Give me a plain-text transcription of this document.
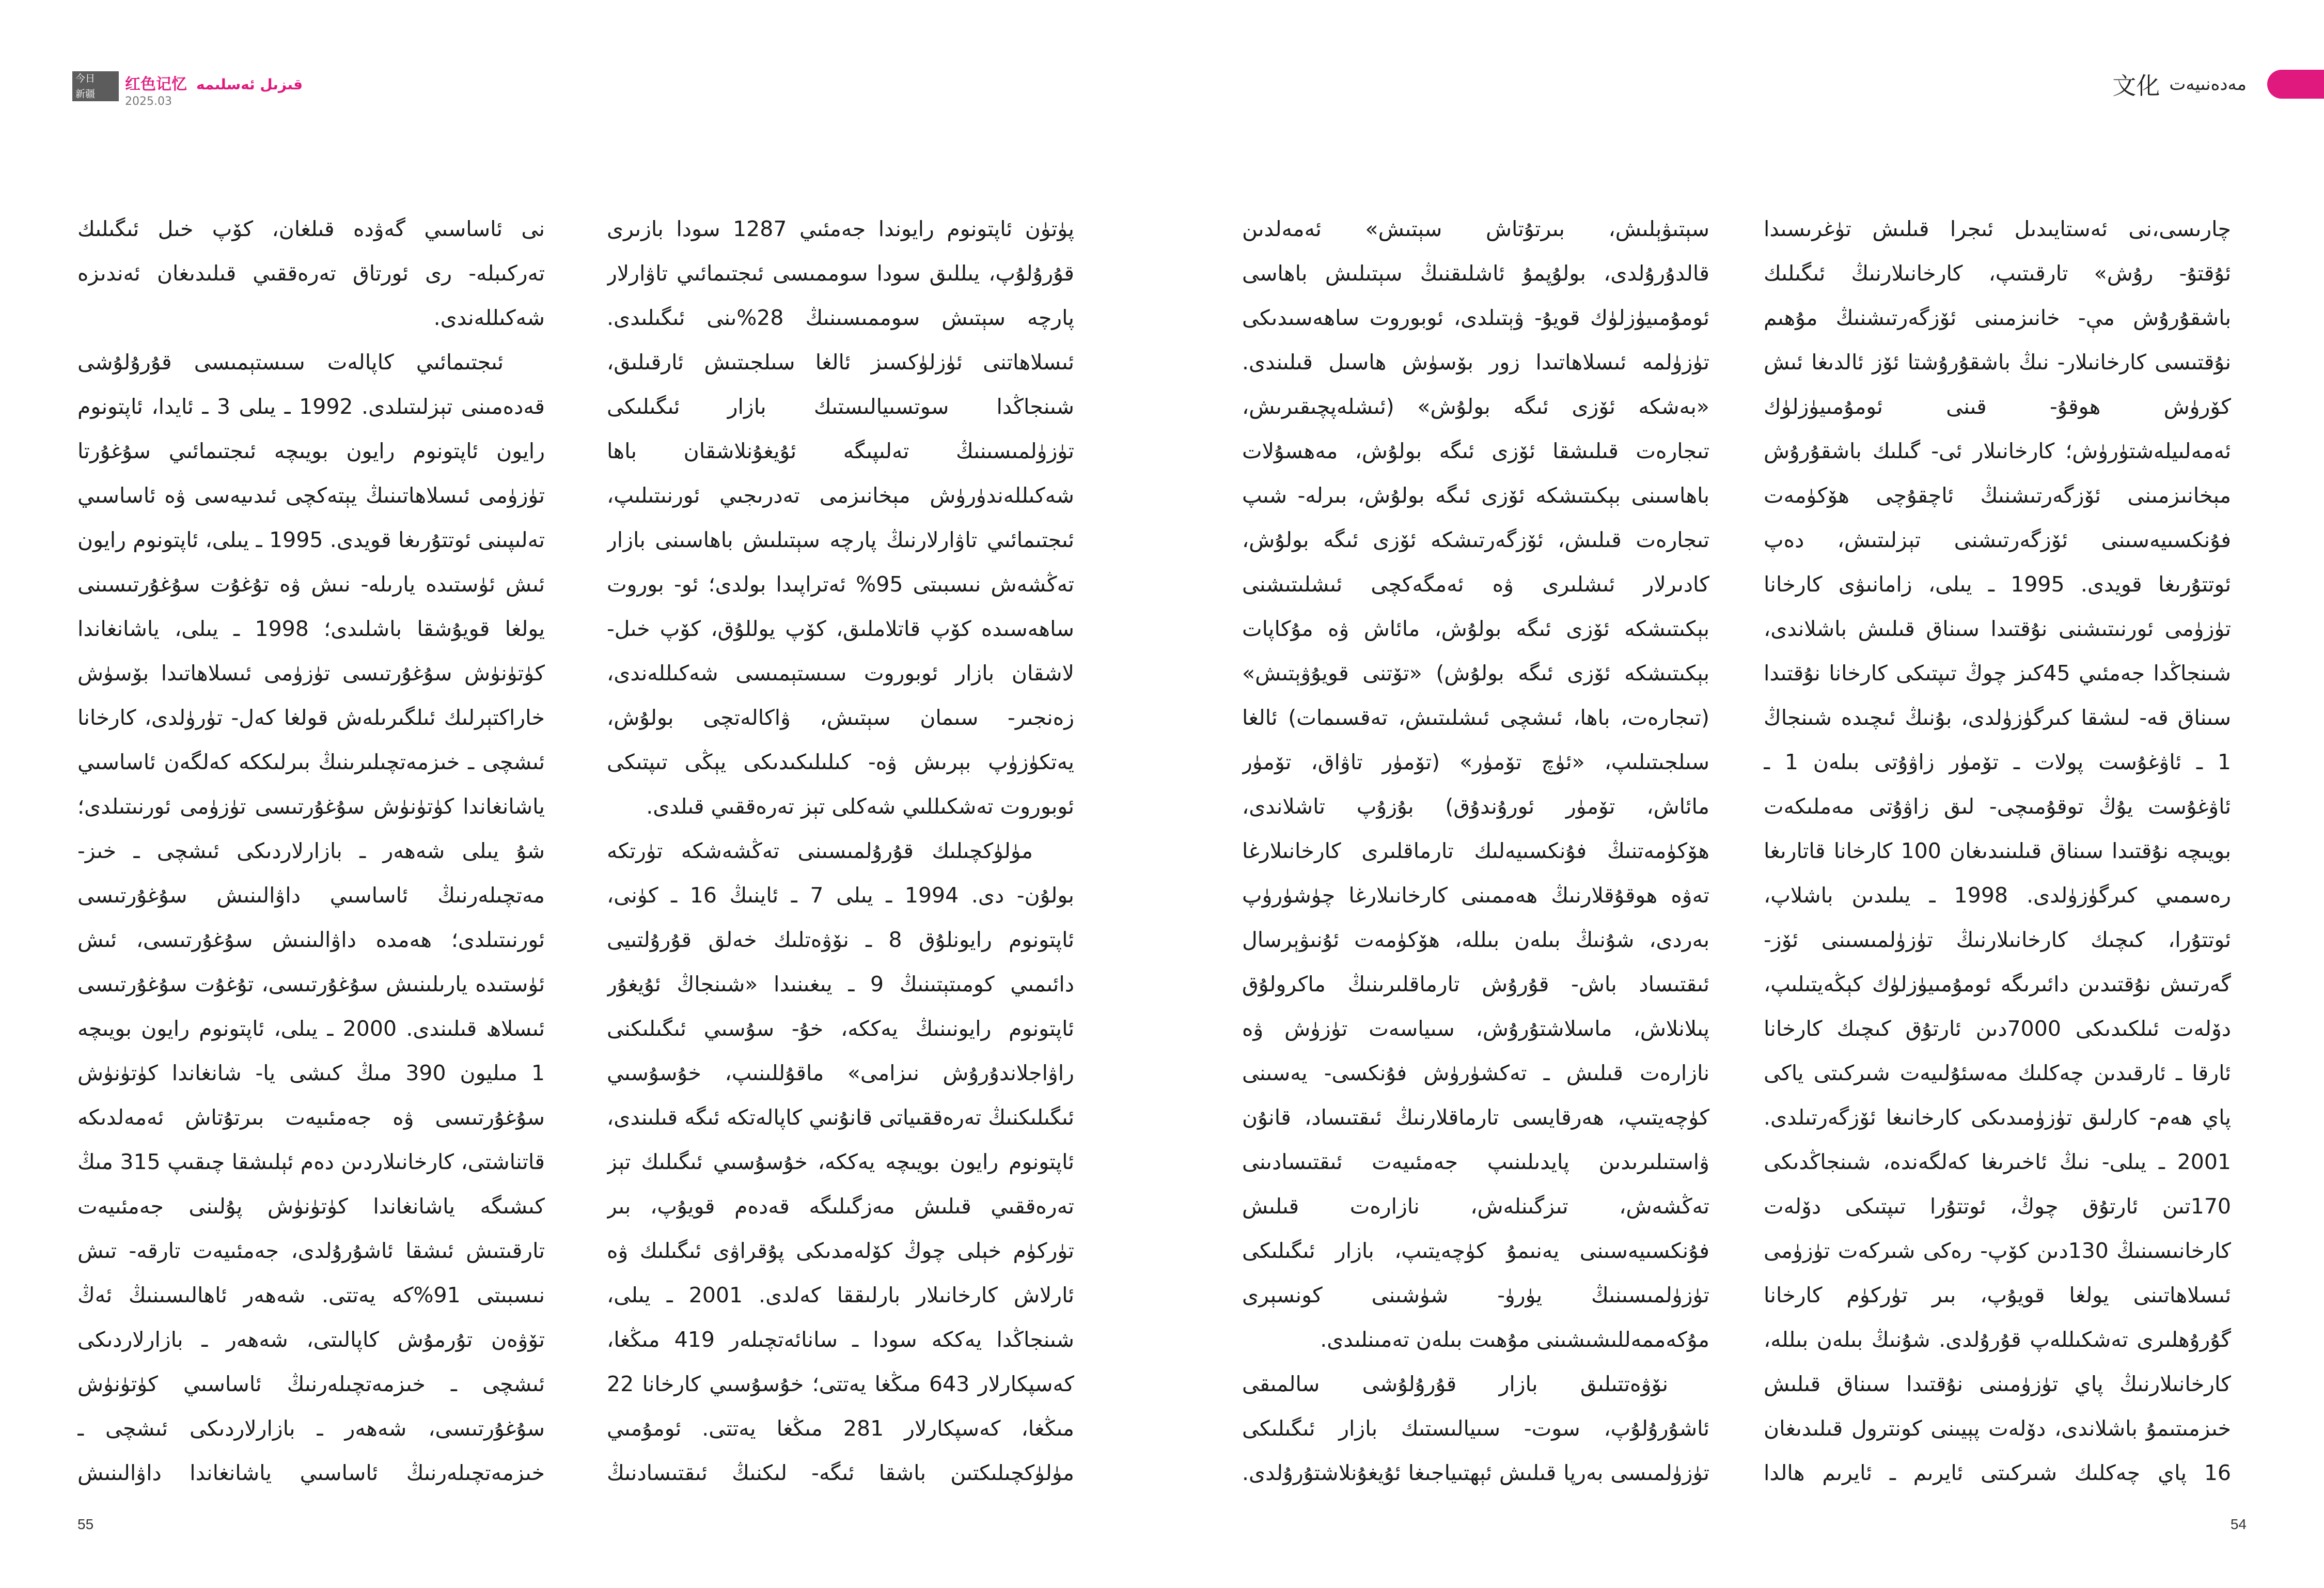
今日
新疆
红色记忆 قىزىل ئەسلىمە
2025.03

پۈتۈن ئاپتونوم رايوندا جەمئىي 1287 سودا بازىرى قۇرۇلۇپ، يىللىق سودا سوممىسى ئىجتىمائىي تاۋارلار پارچە سېتىش سوممىسىنىڭ 28%ىنى ئىگىلىدى. ئىسلاھاتنى ئۈزلۈكسىز ئالغا سىلجىتىش ئارقىلىق، شىنجاڭدا سوتسىيالىستىك بازار ئىگىلىكى تۈزۈلمىسىنىڭ تەلىپىگە ئۇيغۇنلاشقان باھا شەكىللەندۈرۈش مېخانىزمى تەدرىجىي ئورنىتىلىپ، ئىجتىمائىي تاۋارلارنىڭ پارچە سېتىلىش باھاسىنى بازار تەڭشەش نىسبىتى 95% ئەتراپىدا بولدى؛ ئو- بوروت ساھەسىدە كۆپ قاتلاملىق، كۆپ يوللۇق، كۆپ خىل- لاشقان بازار ئوبوروت سىستېمىسى شەكىللەندى، زەنجىر- سىمان سېتىش، ۋاكالەتچى بولۇش، يەتكۈزۈپ بېرىش ۋە- كىلىلىكىدىكى يېڭى تىپتىكى ئوبوروت تەشكىللىي شەكلى تېز تەرەققىي قىلدى.

مۈلۈكچىلىك قۇرۇلمىسىنى تەڭشەشكە تۈرتكە بولۇن- دى. 1994 ـ يىلى 7 ـ ئاينىڭ 16 ـ كۈنى، ئاپتونوم رايونلۇق 8 ـ نۆۋەتلىك خەلق قۇرۇلتىيى دائىمىي كومىتېتىنىڭ 9 ـ يىغىنىدا «شىنجاڭ ئۇيغۇر ئاپتونوم رايونىنىڭ يەككە، خۇ- سۇسىي ئىگىلىكنى راۋاجلاندۇرۇش نىزامى» ماقۇللىنىپ، خۇسۇسىي ئىگىلىكنىڭ تەرەققىياتى قانۇنىي كاپالەتكە ئىگە قىلىندى، ئاپتونوم رايون بويىچە يەككە، خۇسۇسىي ئىگىلىك تېز تەرەققىي قىلىش مەزگىلىگە قەدەم قويۇپ، بىر تۈركۈم خېلى چوڭ كۆلەمدىكى پۇقراۋى ئىگىلىك ۋە ئارلاش كارخانىلار بارلىققا كەلدى. 2001 ـ يىلى، شىنجاڭدا يەككە سودا ـ سانائەتچىلەر 419 مىڭغا، كەسپكارلار 643 مىڭغا يەتتى؛ خۇسۇسىي كارخانا 22 مىڭغا، كەسپكارلار 281 مىڭغا يەتتى. ئومۇمىي مۈلۈكچىلىكتىن باشقا ئىگە- لىكنىڭ ئىقتىسادنىڭ

نى ئاساسىي گەۋدە قىلغان، كۆپ خىل ئىگىلىك تەركىبلە- رى ئورتاق تەرەققىي قىلىدىغان ئەندىزە شەكىللەندى.

ئىجتىمائىي كاپالەت سىستېمىسى قۇرۇلۇشى قەدەمىنى تېزلىتىلدى. 1992 ـ يىلى 3 ـ ئايدا، ئاپتونوم رايون ئاپتونوم رايون بويىچە ئىجتىمائىي سۇغۇرتا تۈزۈمى ئىسلاھاتىنىڭ يېتەكچى ئىدىيەسى ۋە ئاساسىي تەلىپىنى ئوتتۇرىغا قويدى. 1995 ـ يىلى، ئاپتونوم رايون ئىش ئۈستىدە يارىلە- نىش ۋە تۇغۇت سۇغۇرتىسىنى يولغا قويۇشقا باشلىدى؛ 1998 ـ يىلى، ياشانغاندا كۈتۈنۈش سۇغۇرتىسى تۈزۈمى ئىسلاھاتىدا بۆسۈش خاراكتېرلىك ئىلگىرىلەش قولغا كەل- تۈرۈلدى، كارخانا ئىشچى ـ خىزمەتچىلىرىنىڭ بىرلىككە كەلگەن ئاساسىي ياشانغاندا كۈتۈنۈش سۇغۇرتىسى تۈزۈمى ئورنىتىلدى؛ شۇ يىلى شەھەر ـ بازارلاردىكى ئىشچى ـ خىز- مەتچىلەرنىڭ ئاساسىي داۋالىنىش سۇغۇرتىسى ئورنىتىلدى؛ ھەمدە داۋالىنىش سۇغۇرتىسى، ئىش ئۈستىدە يارىلىنىش سۇغۇرتىسى، تۇغۇت سۇغۇرتىسى ئىسلاھ قىلىندى. 2000 ـ يىلى، ئاپتونوم رايون بويىچە 1 مىليون 390 مىڭ كىشى يا- شانغاندا كۈتۈنۈش سۇغۇرتىسى ۋە جەمئىيەت بىرتۇتاش ئەمەلدىكە قاتناشتى، كارخانىلاردىن دەم ئېلىشقا چىقىپ 315 مىڭ كىشىگە ياشانغاندا كۈتۈنۈش پۇلىنى جەمئىيەت تارقىتىش ئىشقا ئاشۇرۇلدى، جەمئىيەت تارقە- تىش نىسبىتى 91%كە يەتتى. شەھەر ئاھالىسىنىڭ ئەڭ تۆۋەن تۇرمۇش كاپالىتى، شەھەر ـ بازارلاردىكى ئىشچى ـ خىزمەتچىلەرنىڭ ئاساسىي كۈتۈنۈش سۇغۇرتىسى، شەھەر ـ بازارلاردىكى ئىشچى ـ خىزمەتچىلەرنىڭ ئاساسىي ياشانغاندا داۋالىنىش

55
文化 مەدەنىيەت

چارىسى،نى ئەستايىدىل ئىجرا قىلىش تۈغرىسىدا ئۇقتۇ- رۇش» تارقىتىپ، كارخانىلارنىڭ ئىگىلىك باشقۇرۇش مې- خانىزمىنى ئۆزگەرتىشنىڭ مۇھىم نۇقتىسى كارخانىلار- نىڭ باشقۇرۇشتا ئۆز ئالدىغا ئىش كۆرۈش ھوقۇ- قىنى ئومۇمىيۈزلۈك ئەمەلىيلەشتۈرۈش؛ كارخانىلار ئى- گىلىك باشقۇرۇش مېخانىزمىنى ئۆزگەرتىشنىڭ ئاچقۇچى ھۆكۈمەت فۇنكسىيەسىنى ئۆزگەرتىشنى تېزلىتىش، دەپ ئوتتۇرىغا قويدى. 1995 ـ يىلى، زامانىۋى كارخانا تۈزۈمى ئورنىتىشنى نۇقتىدا سىناق قىلىش باشلاندى، شىنجاڭدا جەمئىي 45كىز چوڭ تىپتىكى كارخانا نۇقتىدا سىناق قە- لىشقا كىرگۈزۈلدى، بۇنىڭ ئىچىدە شىنجاڭ 1 ـ ئاۋغۇست پولات ـ تۆمۈر زاۋۇتى بىلەن 1 ـ ئاۋغۇست يۇڭ توقۇمىچى- لىق زاۋۇتى مەملىكەت بويىچە نۇقتىدا سىناق قىلىنىدىغان 100 كارخانا قاتارىغا رەسمىي كىرگۈزۈلدى. 1998 ـ يىلىدىن باشلاپ، ئوتتۇرا، كىچىك كارخانىلارنىڭ تۈزۈلمىسىنى ئۆز- گەرتىش نۇقتىدىن دائىرىگە ئومۇمىيۈزلۈك كېڭەيتىلىپ، دۆلەت ئىلكىدىكى 7000دىن ئارتۇق كىچىك كارخانا ئارقا ـ ئارقىدىن چەكلىك مەسئۇلىيەت شىركىتى ياكى پاي ھەم- كارلىق تۈزۈمىدىكى كارخانىغا ئۆزگەرتىلدى. 2001 ـ يىلى- نىڭ ئاخىرىغا كەلگەندە، شىنجاڭدىكى 170تىن ئارتۇق چوڭ، ئوتتۇرا تىپتىكى دۆلەت كارخانىسىنىڭ 130دىن كۆپ- رەكى شىركەت تۈزۈمى ئىسلاھاتىنى يولغا قويۇپ، بىر تۈركۈم كارخانا گۇرۇھلىرى تەشكىللەپ قۇرۇلدى. شۇنىڭ بىلەن بىللە، كارخانىلارنىڭ پاي تۈزۈمىنى نۇقتىدا سىناق قىلىش خىزمىتىمۇ باشلاندى، دۆلەت پېيىنى كونترول قىلىدىغان 16 پاي چەكلىك شىركىتى ئايرىم ـ ئايرىم ھالدا

سېتىۋېلىش، بىرتۇتاش سېتىش» ئەمەلدىن قالدۇرۇلدى، بولۇپمۇ ئاشلىقنىڭ سېتىلىش باھاسى ئومۇمىيۈزلۈك قويۇ- ۋېتىلدى، ئوبوروت ساھەسىدىكى تۈزۈلمە ئىسلاھاتىدا زور بۆسۈش ھاسىل قىلىندى. «بەشكە ئۆزى ئىگە بولۇش» (ئىشلەپچىقىرىش، تىجارەت قىلىشقا ئۆزى ئىگە بولۇش، مەھسۇلات باھاسىنى بېكىتىشكە ئۆزى ئىگە بولۇش، بىرلە- شىپ تىجارەت قىلىش، ئۆزگەرتىشكە ئۆزى ئىگە بولۇش، كادىرلار ئىشلىرى ۋە ئەمگەكچى ئىشلىتىشنى بېكىتىشكە ئۆزى ئىگە بولۇش، مائاش ۋە مۇكاپات بېكىتىشكە ئۆزى ئىگە بولۇش) «تۆتنى قويۇۋېتىش» (تىجارەت، باھا، ئىشچى ئىشلىتىش، تەقسىمات) ئالغا سىلجىتىلىپ، «ئۈچ تۆمۈر» (تۆمۈر تاۋاق، تۆمۈر مائاش، تۆمۈر ئورۇندۇق) بۇزۇپ تاشلاندى، ھۆكۈمەتنىڭ فۇنكسىيەلىك تارماقلىرى كارخانىلارغا تەۋە ھوقۇقلارنىڭ ھەممىنى كارخانىلارغا چۈشۈرۈپ بەردى، شۇنىڭ بىلەن بىللە، ھۆكۈمەت ئۇنىۋېرسال ئىقتىساد باش- قۇرۇش تارماقلىرىنىڭ ماكرولۇق پىلانلاش، ماسلاشتۇرۇش، سىياسەت تۈزۈش ۋە نازارەت قىلىش ـ تەكشۈرۈش فۇنكسى- يەسىنى كۈچەيتىپ، ھەرقايسى تارماقلارنىڭ ئىقتىساد، قانۇن ۋاستىلىرىدىن پايدىلىنىپ جەمئىيەت ئىقتىسادىنى تەڭشەش، تىزگىنلەش، نازارەت قىلىش فۇنكسىيەسىنى يەنىمۇ كۈچەيتىپ، بازار ئىگىلىكى تۈزۈلمىسىنىڭ يۈرۈ- شۈشىنى كونسېرى مۇكەممەللىشىشىنى مۇھىت بىلەن تەمىنلىدى.

نۆۋەتتىلىق بازار قۇرۇلۇشى سالمىقى ئاشۇرۇلۇپ، سوت- سىيالىستىك بازار ئىگىلىكى تۈزۈلمىسى بەرپا قىلىش ئېھتىياجىغا ئۇيغۇنلاشتۇرۇلدى.

54
